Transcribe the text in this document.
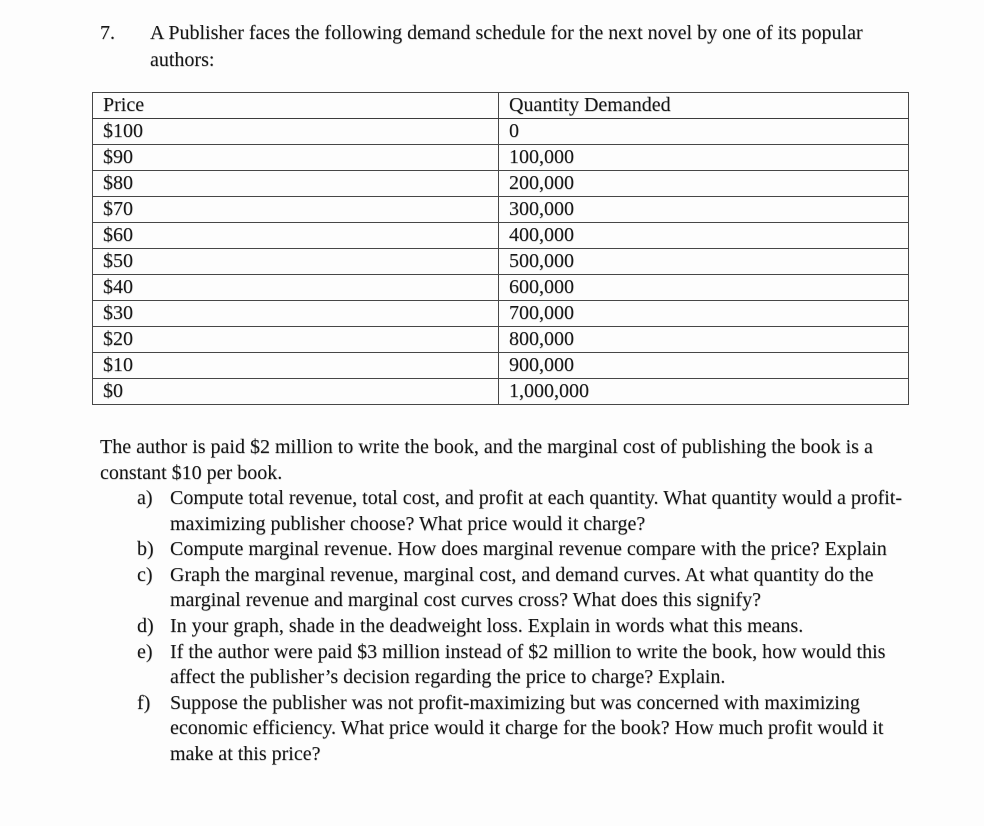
7.	A Publisher faces the following demand schedule for the next novel by one of its popular authors:
Price	Quantity Demanded
$100	0
$90	100,000
$80	200,000
$70	300,000
$60	400,000
$50	500,000
$40	600,000
$30	700,000
$20	800,000
$10	900,000
$0	1,000,000
The author is paid $2 million to write the book, and the marginal cost of publishing the book is a constant $10 per book.
a) Compute total revenue, total cost, and profit at each quantity. What quantity would a profit-maximizing publisher choose? What price would it charge?
b) Compute marginal revenue. How does marginal revenue compare with the price? Explain
c) Graph the marginal revenue, marginal cost, and demand curves. At what quantity do the marginal revenue and marginal cost curves cross? What does this signify?
d) In your graph, shade in the deadweight loss. Explain in words what this means.
e) If the author were paid $3 million instead of $2 million to write the book, how would this affect the publisher’s decision regarding the price to charge? Explain.
f) Suppose the publisher was not profit-maximizing but was concerned with maximizing economic efficiency. What price would it charge for the book? How much profit would it make at this price?
